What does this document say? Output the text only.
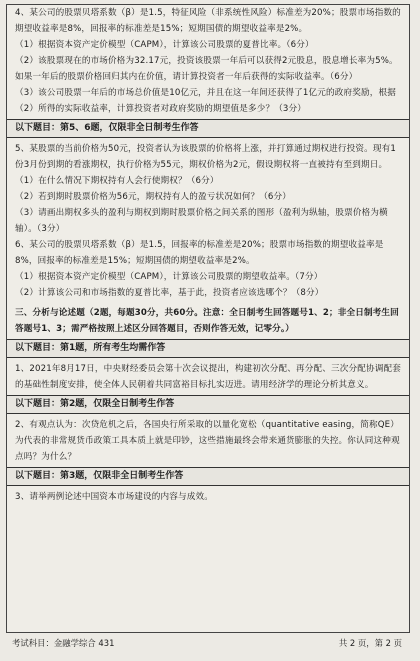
4、某公司的股票贝塔系数（β）是1.5，特征风险（非系统性风险）标准差为20%；股票市场指数的期望收益率是8%，回报率的标准差是15%；短期国债的期望收益率是2%。

（1）根据资本资产定价模型（CAPM），计算该公司股票的夏普比率。（6分）

（2）该股票现在的市场价格为32.17元，投资该股票一年后可以获得2元股息，股息增长率为5%。如果一年后的股票价格回归其内在价值，请计算投资者一年后获得的实际收益率。（6分）

（3）该公司股票一年后的市场总价值是10亿元，并且在这一年间还获得了1亿元的政府奖励，根据（2）所得的实际收益率，计算投资者对政府奖励的期望值是多少？（3分）

以下题目：第5、6题，仅限非全日制考生作答

5、某股票的当前价格为50元，投资者认为该股票的价格将上涨，并打算通过期权进行投资。现有1份3月份到期的看涨期权，执行价格为55元，期权价格为2元，假设期权将一直被持有至到期日。

（1）在什么情况下期权持有人会行使期权？（6分）

（2）若到期时股票价格为56元，期权持有人的盈亏状况如何？（6分）

（3）请画出期权多头的盈利与期权到期时股票价格之间关系的图形（盈利为纵轴，股票价格为横轴）。（3分）

6、某公司的股票贝塔系数（β）是1.5，回报率的标准差是20%；股票市场指数的期望收益率是8%，回报率的标准差是15%；短期国债的期望收益率是2%。

（1）根据资本资产定价模型（CAPM），计算该公司股票的期望收益率。（7分）

（2）计算该公司和市场指数的夏普比率，基于此，投资者应该选哪个？（8分）

三、分析与论述题（2题，每题30分，共60分。注意：全日制考生回答题号1、2；非全日制考生回答题号1、3；需严格按照上述区分回答题目，否则作答无效，记零分。）

以下题目：第1题，所有考生均需作答

1、2021年8月17日，中央财经委员会第十次会议提出，构建初次分配、再分配、三次分配协调配套的基础性制度安排，使全体人民朝着共同富裕目标扎实迈进。请用经济学的理论分析其意义。

以下题目：第2题，仅限全日制考生作答

2、有观点认为：次贷危机之后，各国央行所采取的以量化宽松（quantitative easing，简称QE）为代表的非常规货币政策工具本质上就是印钞，这些措施最终会带来通货膨胀的失控。你认同这种观点吗？为什么？

以下题目：第3题，仅限非全日制考生作答

3、请举两例论述中国资本市场建设的内容与成效。

考试科目：金融学综合 431	共 2 页，第 2 页
